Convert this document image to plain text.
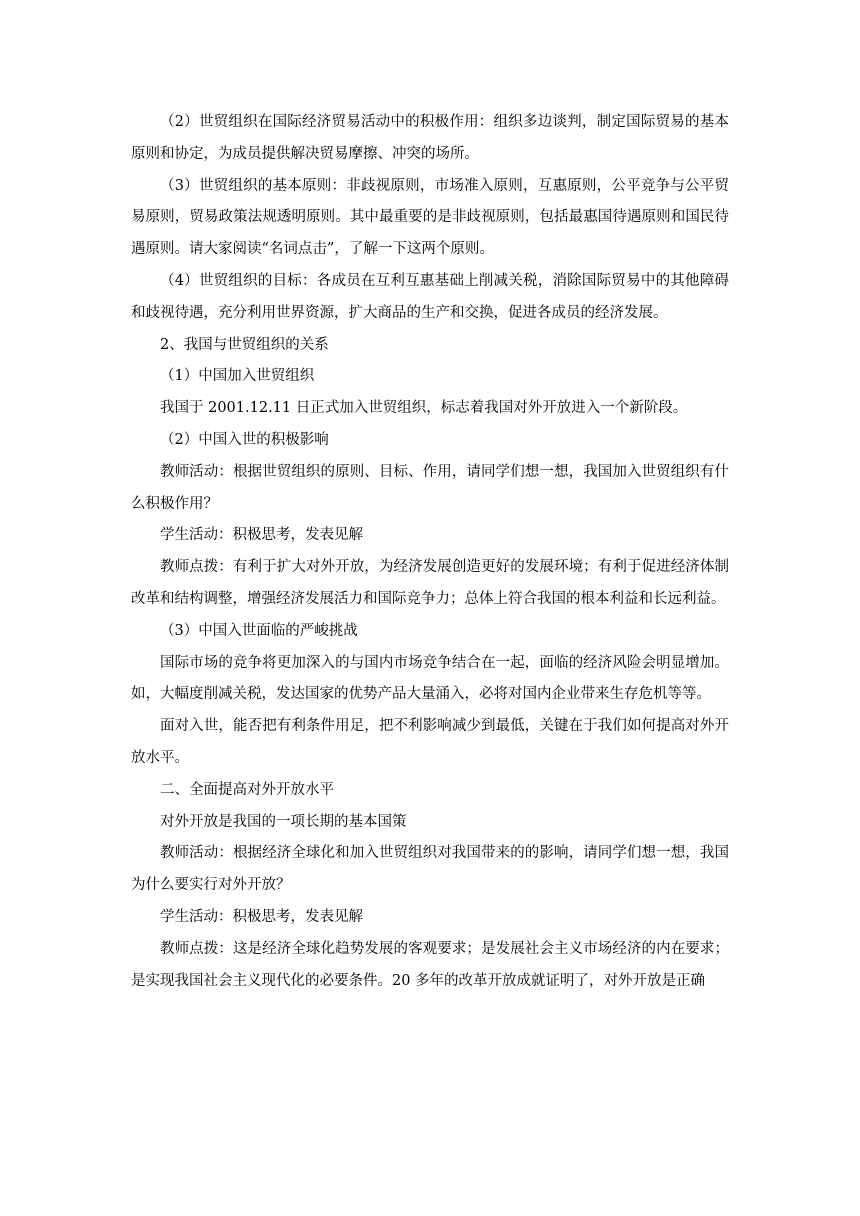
（2）世贸组织在国际经济贸易活动中的积极作用：组织多边谈判，制定国际贸易的基本原则和协定，为成员提供解决贸易摩擦、冲突的场所。

（3）世贸组织的基本原则：非歧视原则，市场准入原则，互惠原则，公平竞争与公平贸易原则，贸易政策法规透明原则。其中最重要的是非歧视原则，包括最惠国待遇原则和国民待遇原则。请大家阅读“名词点击”，了解一下这两个原则。

（4）世贸组织的目标：各成员在互利互惠基础上削减关税，消除国际贸易中的其他障碍和歧视待遇，充分利用世界资源，扩大商品的生产和交换，促进各成员的经济发展。

2、我国与世贸组织的关系

（1）中国加入世贸组织

我国于 2001.12.11 日正式加入世贸组织，标志着我国对外开放进入一个新阶段。

（2）中国入世的积极影响

教师活动：根据世贸组织的原则、目标、作用，请同学们想一想，我国加入世贸组织有什么积极作用？

学生活动：积极思考，发表见解

教师点拨：有利于扩大对外开放，为经济发展创造更好的发展环境；有利于促进经济体制改革和结构调整，增强经济发展活力和国际竞争力；总体上符合我国的根本利益和长远利益。

（3）中国入世面临的严峻挑战

国际市场的竞争将更加深入的与国内市场竞争结合在一起，面临的经济风险会明显增加。如，大幅度削减关税，发达国家的优势产品大量涌入，必将对国内企业带来生存危机等等。

面对入世，能否把有利条件用足，把不利影响减少到最低，关键在于我们如何提高对外开放水平。

二、全面提高对外开放水平

对外开放是我国的一项长期的基本国策

教师活动：根据经济全球化和加入世贸组织对我国带来的的影响，请同学们想一想，我国为什么要实行对外开放？

学生活动：积极思考，发表见解

教师点拨：这是经济全球化趋势发展的客观要求；是发展社会主义市场经济的内在要求；是实现我国社会主义现代化的必要条件。20 多年的改革开放成就证明了，对外开放是正确
